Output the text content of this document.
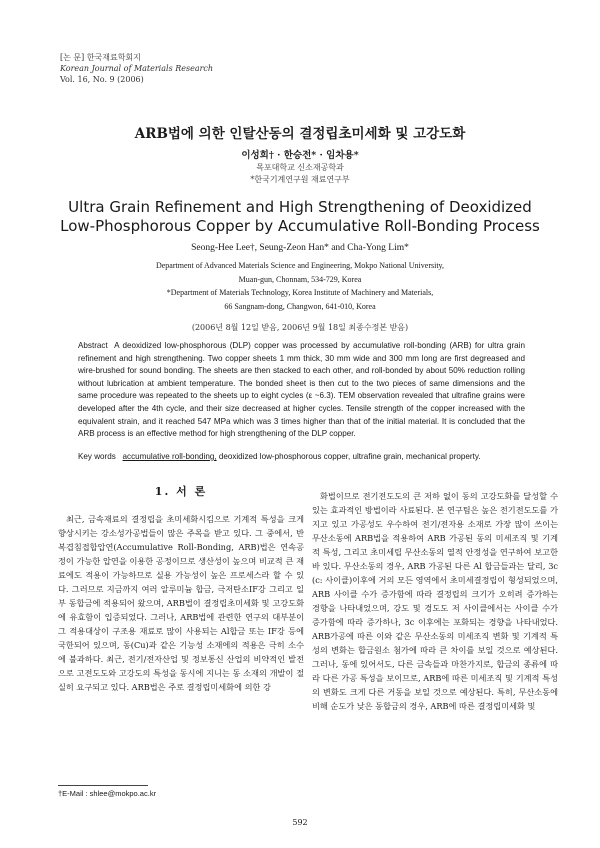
[논 문] 한국재료학회지
Korean Journal of Materials Research
Vol. 16, No. 9 (2006)
ARB법에 의한 인탈산동의 결정립초미세화 및 고강도화
이성희† · 한승전* · 임차용*
목포대학교 신소재공학과
*한국기계연구원 재료연구부
Ultra Grain Refinement and High Strengthening of Deoxidized
Low-Phosphorous Copper by Accumulative Roll-Bonding Process
Seong-Hee Lee†, Seung-Zeon Han* and Cha-Yong Lim*
Department of Advanced Materials Science and Engineering, Mokpo National University,
Muan-gun, Chonnam, 534-729, Korea
*Department of Materials Technology, Korea Institute of Machinery and Materials,
66 Sangnam-dong, Changwon, 641-010, Korea
(2006년 8월 12일 받음, 2006년 9월 18일 최종수정본 받음)
Abstract A deoxidized low-phosphorous (DLP) copper was processed by accumulative roll-bonding (ARB) for ultra grain refinement and high strengthening. Two copper sheets 1 mm thick, 30 mm wide and 300 mm long are first degreased and wire-brushed for sound bonding. The sheets are then stacked to each other, and roll-bonded by about 50% reduction rolling without lubrication at ambient temperature. The bonded sheet is then cut to the two pieces of same dimensions and the same procedure was repeated to the sheets up to eight cycles (ε ~6.3). TEM observation revealed that ultrafine grains were developed after the 4th cycle, and their size decreased at higher cycles. Tensile strength of the copper increased with the equivalent strain, and it reached 547 MPa which was 3 times higher than that of the initial material. It is concluded that the ARB process is an effective method for high strengthening of the DLP copper.
Key words accumulative roll-bonding, deoxidized low-phosphorous copper, ultrafine grain, mechanical property.
1. 서 론

최근, 금속재료의 결정립을 초미세화시킴으로 기계적 특성을 크게 향상시키는 강소성가공법들이 많은 주목을 받고 있다. 그 중에서, 반복겹침접합압연(Accumulative Roll-Bonding, ARB)법은 연속공정이 가능한 압연을 이용한 공정이므로 생산성이 높으며 비교적 큰 재료에도 적용이 가능하므로 실용 가능성이 높은 프로세스라 할 수 있다. 그러므로 지금까지 여러 알루미늄 합금, 극저탄소IF강 그리고 일부 동합금에 적용되어 왔으며, ARB법이 결정립초미세화 및 고강도화에 유효함이 입증되었다. 그러나, ARB법에 관련한 연구의 대부분이 그 적용대상이 구조용 재료로 많이 사용되는 Al합금 또는 IF강 등에 국한되어 있으며, 동(Cu)과 같은 기능성 소재에의 적용은 극히 소수에 불과하다. 최근, 전기/전자산업 및 정보통신 산업의 비약적인 발전으로 고전도도와 고강도의 특성을 동시에 지니는 동 소재의 개발이 절실히 요구되고 있다. ARB법은 주로 결정립미세화에 의한 강

화법이므로 전기전도도의 큰 저하 없이 동의 고강도화를 달성할 수 있는 효과적인 방법이라 사료된다. 본 연구팀은 높은 전기전도도를 가지고 있고 가공성도 우수하여 전기/전자용 소재로 가장 많이 쓰이는 무산소동에 ARB법을 적용하여 ARB 가공된 동의 미세조직 및 기계적 특성, 그리고 초미세립 무산소동의 열적 안정성을 연구하여 보고한 바 있다. 무산소동의 경우, ARB 가공된 다른 Al 합금들과는 달리, 3c (c: 사이클)이후에 거의 모든 영역에서 초미세결정립이 형성되었으며, ARB 사이클 수가 증가함에 따라 결정립의 크기가 오히려 증가하는 경향을 나타내었으며, 강도 및 경도도 저 사이클에서는 사이클 수가 증가함에 따라 증가하나, 3c 이후에는 포화되는 경향을 나타내었다. ARB가공에 따른 이와 같은 무산소동의 미세조직 변화 및 기계적 특성의 변화는 합금원소 첨가에 따라 큰 차이를 보일 것으로 예상된다. 그러나, 동에 있어서도, 다른 금속들과 마찬가지로, 합금의 종류에 따라 다른 가공 특성을 보이므로, ARB에 따른 미세조직 및 기계적 특성의 변화도 크게 다른 거동을 보일 것으로 예상된다. 특히, 무산소동에 비해 순도가 낮은 동합금의 경우, ARB에 따른 결정립미세화 및

†E-Mail : shlee@mokpo.ac.kr
592
